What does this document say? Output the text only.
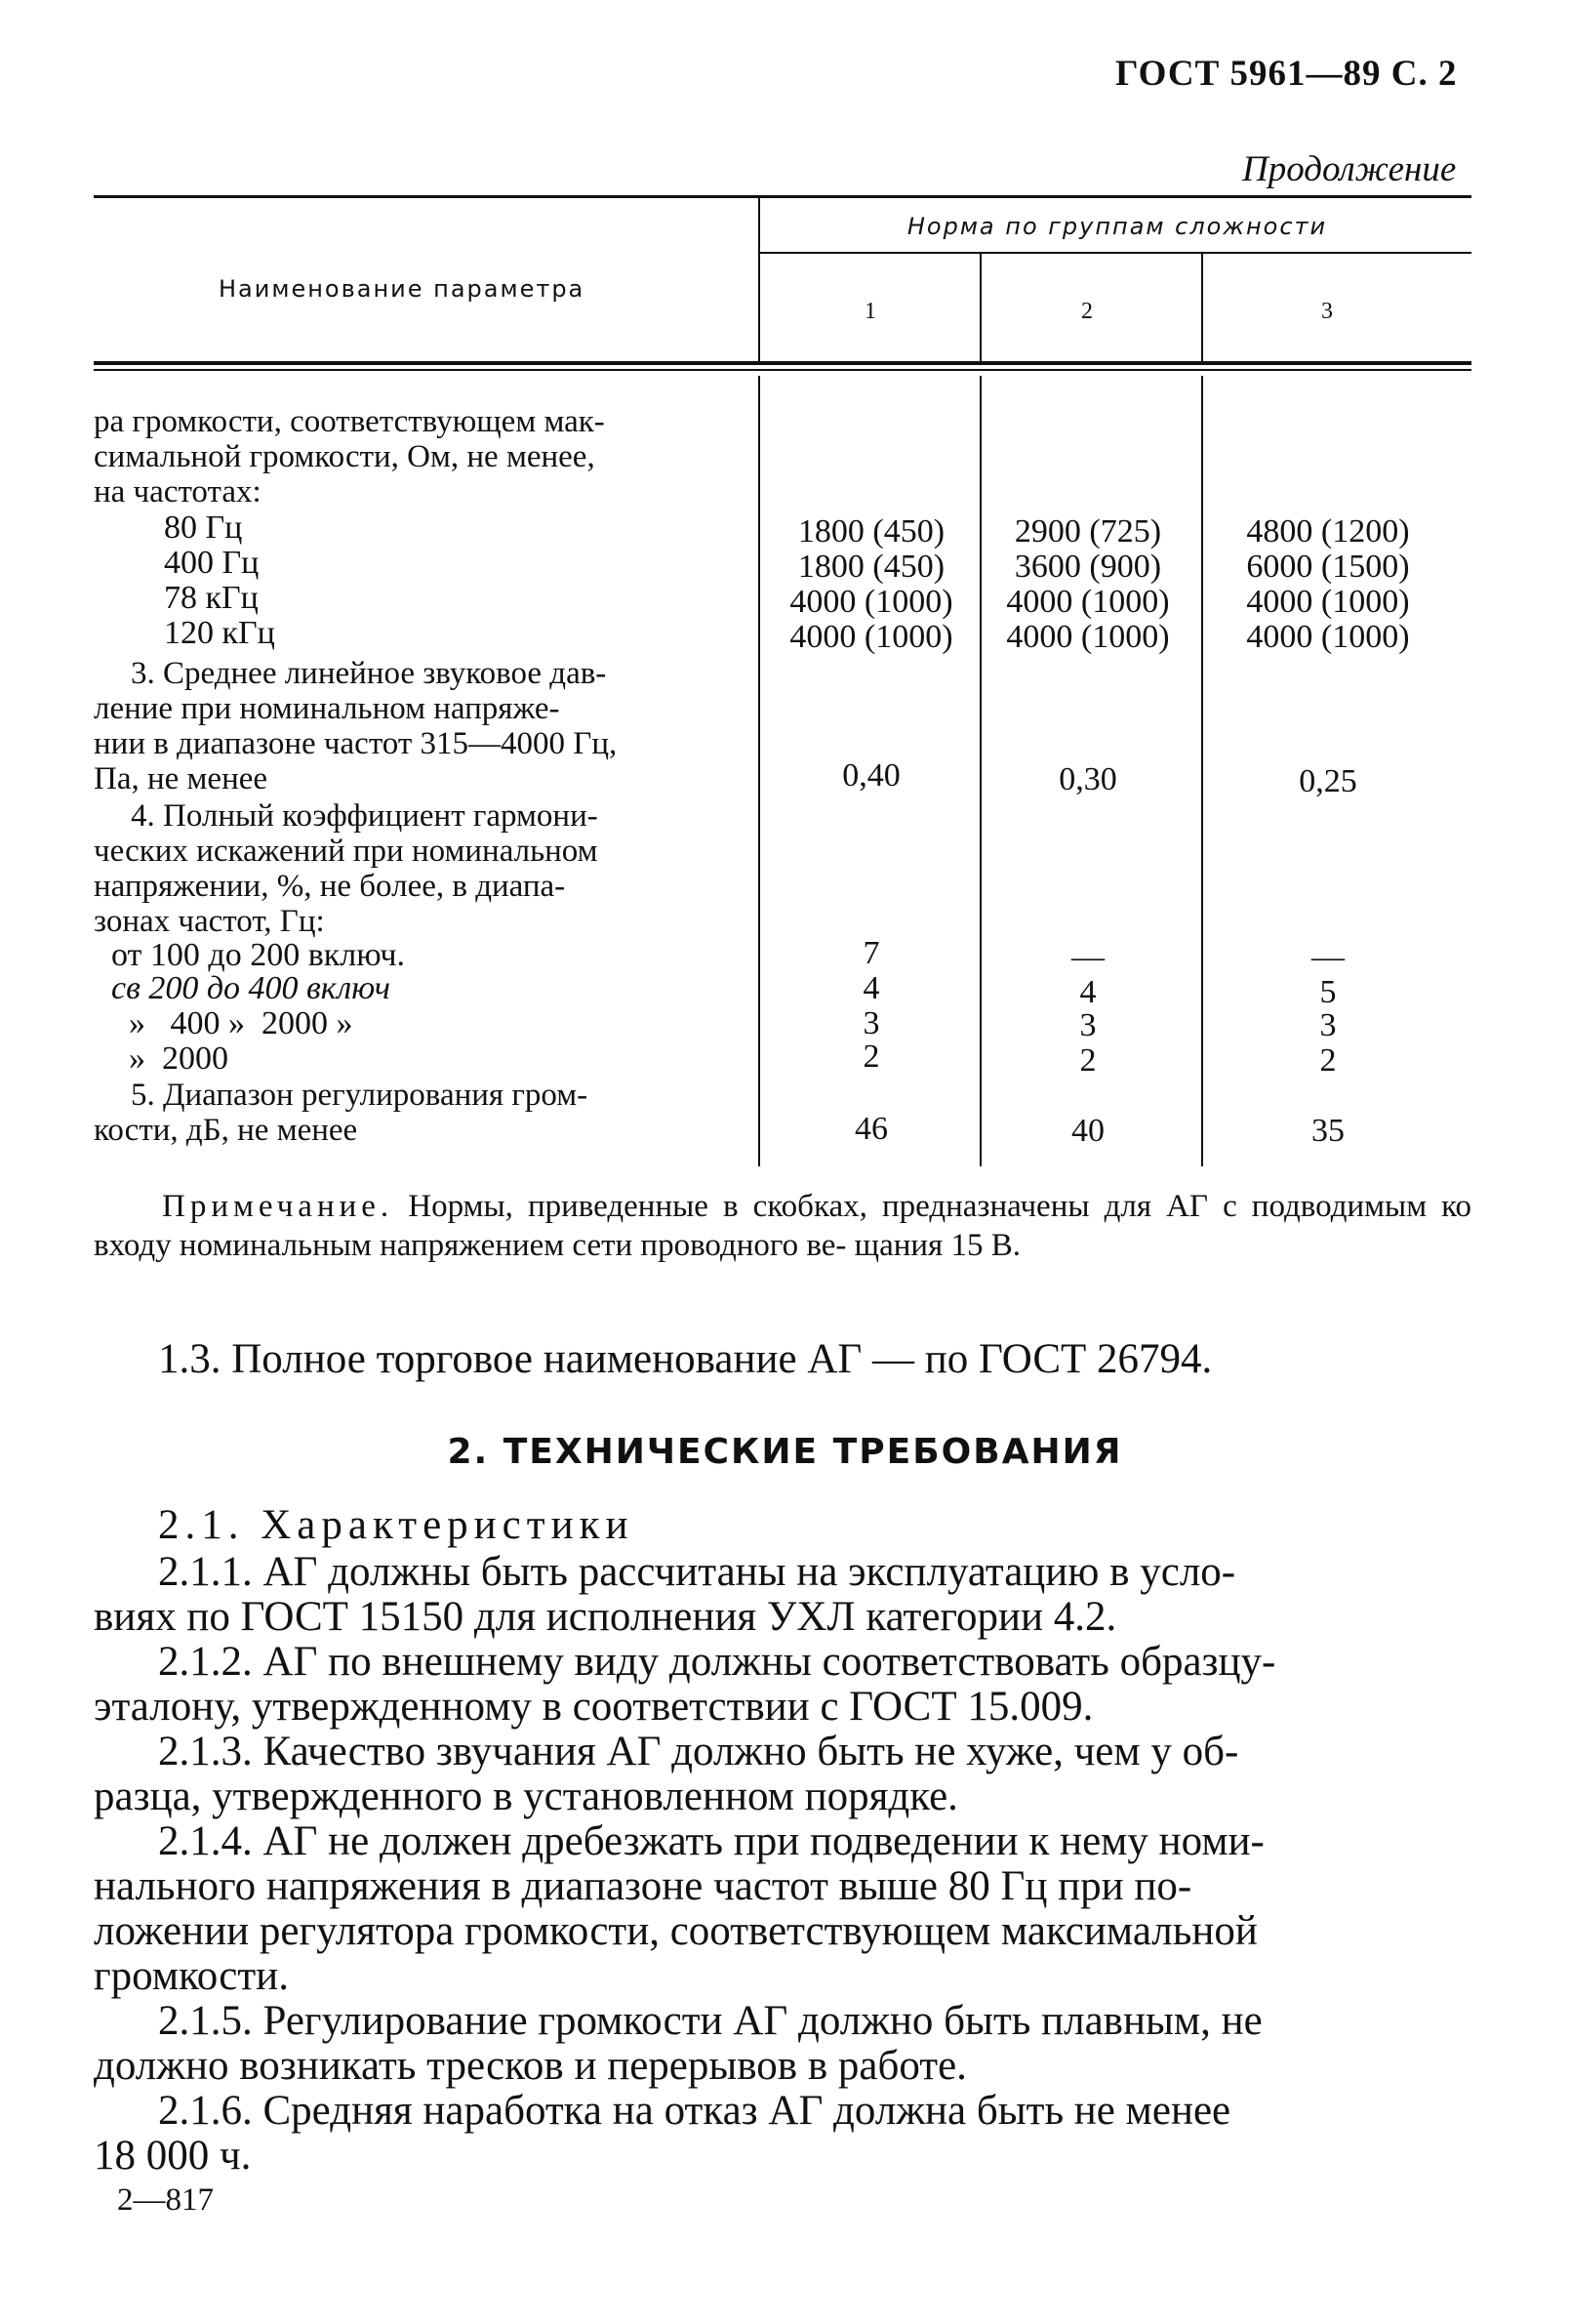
ГОСТ 5961—89 С. 2
Продолжение
Наименование параметра
Норма по группам сложности
1	2	3
ра громкости, соответствующем мак-
симальной громкости, Ом, не менее,
на частотах:
80 Гц	1800 (450)	2900 (725)	4800 (1200)
400 Гц	1800 (450)	3600 (900)	6000 (1500)
78 кГц	4000 (1000)	4000 (1000)	4000 (1000)
120 кГц	4000 (1000)	4000 (1000)	4000 (1000)
3. Среднее линейное звуковое дав-
ление при номинальном напряже-
нии в диапазоне частот 315—4000 Гц,
Па, не менее	0,40	0,30	0,25
4. Полный коэффициент гармони-
ческих искажений при номинальном
напряжении, %, не более, в диапа-
зонах частот, Гц:
от 100 до 200 включ.	7	—	—
св 200 до 400 включ	4	4	5
»   400 »  2000 »	3	3	3
»  2000	2	2	2
5. Диапазон регулирования гром-
кости, дБ, не менее	46	40	35
Примечание. Нормы, приведенные в скобках, предназначены для АГ с подводимым ко входу номинальным напряжением сети проводного ве- щания 15 В.
1.3. Полное торговое наименование АГ — по ГОСТ 26794.
2. ТЕХНИЧЕСКИЕ ТРЕБОВАНИЯ
2.1. Характеристики
2.1.1. АГ должны быть рассчитаны на эксплуатацию в усло-
виях по ГОСТ 15150 для исполнения УХЛ категории 4.2.
2.1.2. АГ по внешнему виду должны соответствовать образцу-
эталону, утвержденному в соответствии с ГОСТ 15.009.
2.1.3. Качество звучания АГ должно быть не хуже, чем у об-
разца, утвержденного в установленном порядке.
2.1.4. АГ не должен дребезжать при подведении к нему номи-
нального напряжения в диапазоне частот выше 80 Гц при по-
ложении регулятора громкости, соответствующем максимальной
громкости.
2.1.5. Регулирование громкости АГ должно быть плавным, не
должно возникать тресков и перерывов в работе.
2.1.6. Средняя наработка на отказ АГ должна быть не менее
18 000 ч.
2—817
